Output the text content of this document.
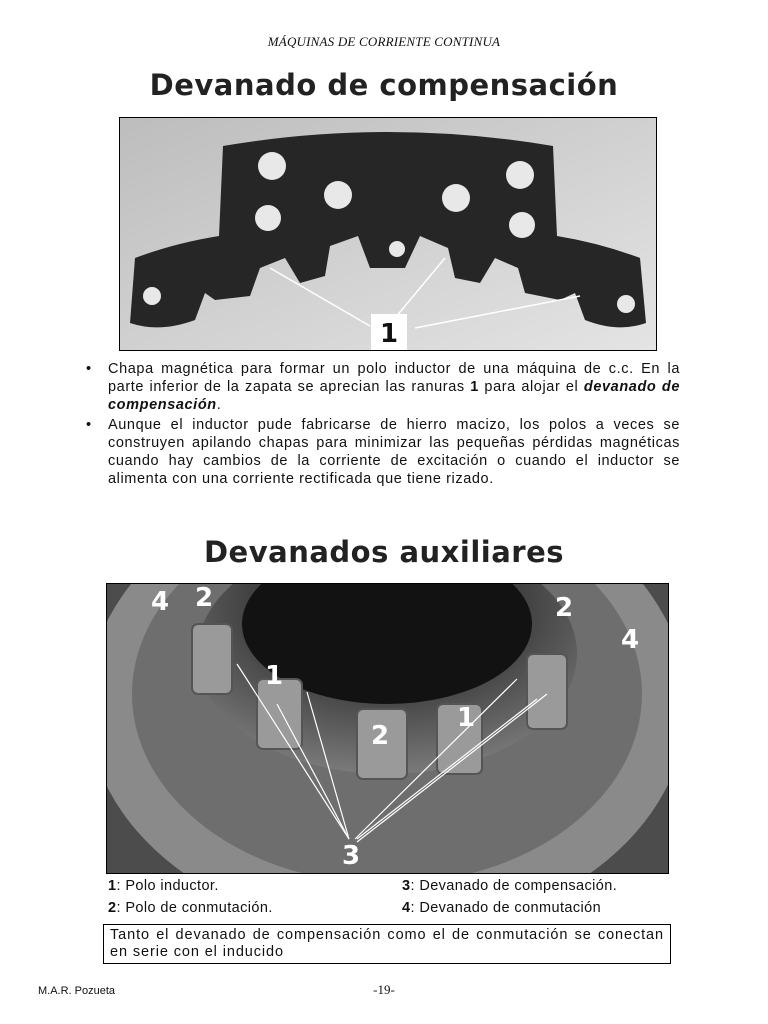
MÁQUINAS DE CORRIENTE CONTINUA
Devanado de compensación
1
• Chapa magnética para formar un polo inductor de una máquina de c.c. En la parte inferior de la zapata se aprecian las ranuras 1 para alojar el devanado de compensación.
• Aunque el inductor pude fabricarse de hierro macizo, los polos a veces se construyen apilando chapas para minimizar las pequeñas pérdidas magnéticas cuando hay cambios de la corriente de excitación o cuando el inductor se alimenta con una corriente rectificada que tiene rizado.
Devanados auxiliares
4 2	2
4
1
1
2
3
1: Polo inductor.
2: Polo de conmutación.
3: Devanado de compensación.
4: Devanado de conmutación
Tanto el devanado de compensación como el de conmutación se conectan en serie con el inducido
M.A.R. Pozueta	-19-
